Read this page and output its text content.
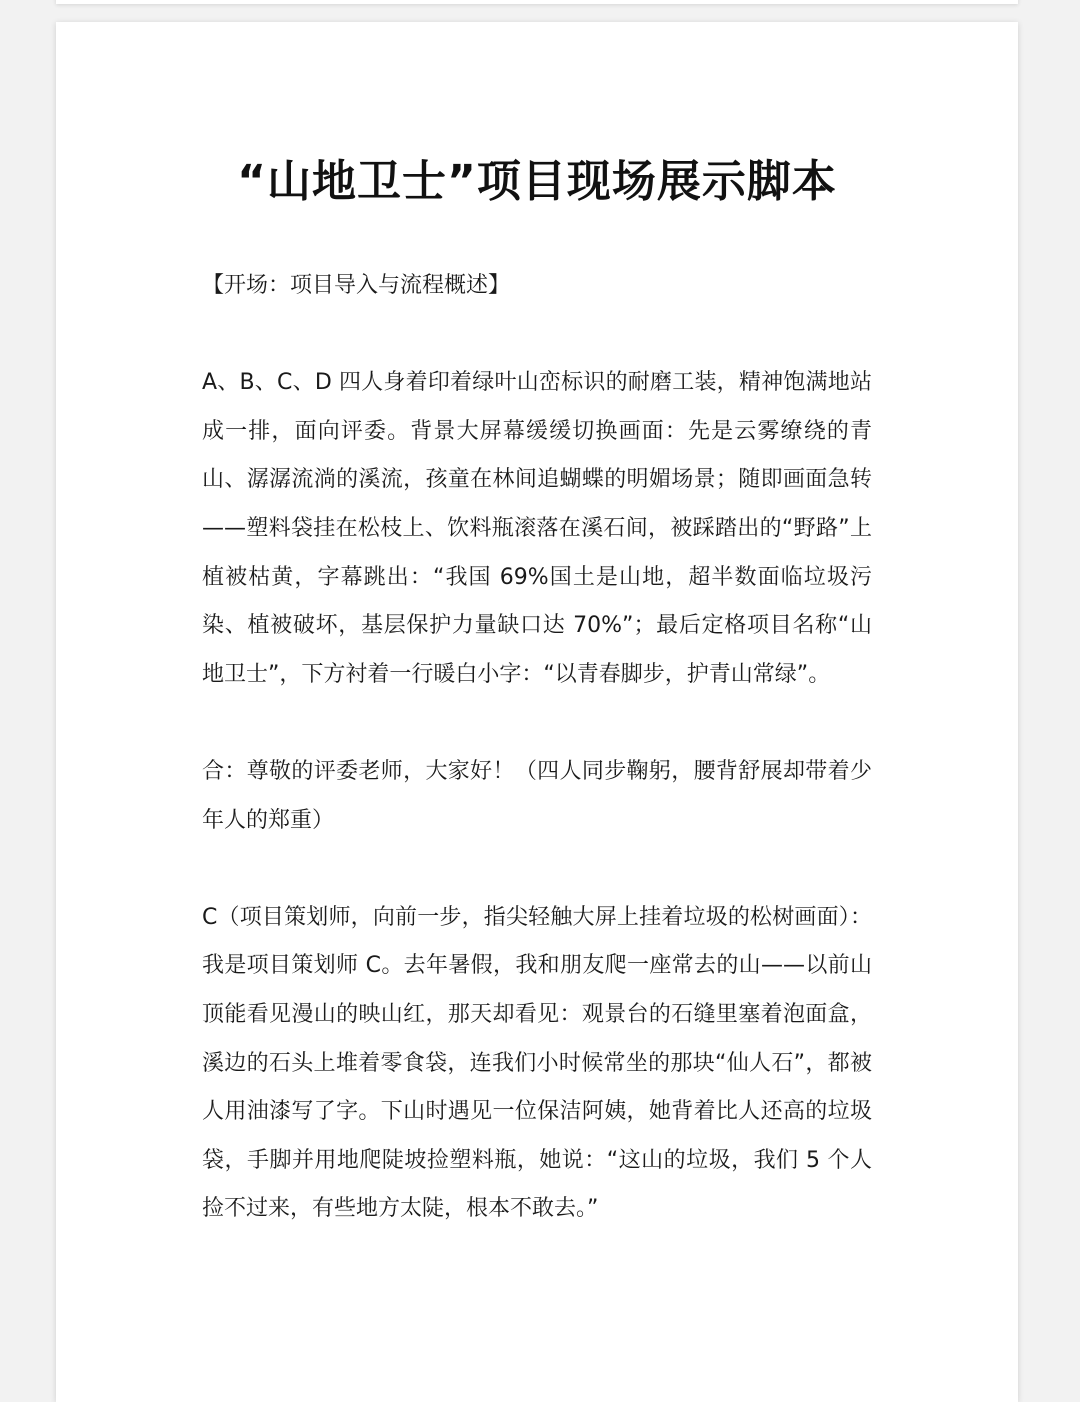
“山地卫士”项目现场展示脚本

【开场：项目导入与流程概述】

A、B、C、D 四人身着印着绿叶山峦标识的耐磨工装，精神饱满地站成一排，面向评委。背景大屏幕缓缓切换画面：先是云雾缭绕的青山、潺潺流淌的溪流，孩童在林间追蝴蝶的明媚场景；随即画面急转——塑料袋挂在松枝上、饮料瓶滚落在溪石间，被踩踏出的“野路”上植被枯黄，字幕跳出：“我国 69%国土是山地，超半数面临垃圾污染、植被破坏，基层保护力量缺口达 70%”；最后定格项目名称“山地卫士”，下方衬着一行暖白小字：“以青春脚步，护青山常绿”。

合：尊敬的评委老师，大家好！（四人同步鞠躬，腰背舒展却带着少年人的郑重）

C（项目策划师，向前一步，指尖轻触大屏上挂着垃圾的松树画面）：我是项目策划师 C。去年暑假，我和朋友爬一座常去的山——以前山顶能看见漫山的映山红，那天却看见：观景台的石缝里塞着泡面盒，溪边的石头上堆着零食袋，连我们小时候常坐的那块“仙人石”，都被人用油漆写了字。下山时遇见一位保洁阿姨，她背着比人还高的垃圾袋，手脚并用地爬陡坡捡塑料瓶，她说：“这山的垃圾，我们 5 个人捡不过来，有些地方太陡，根本不敢去。”
